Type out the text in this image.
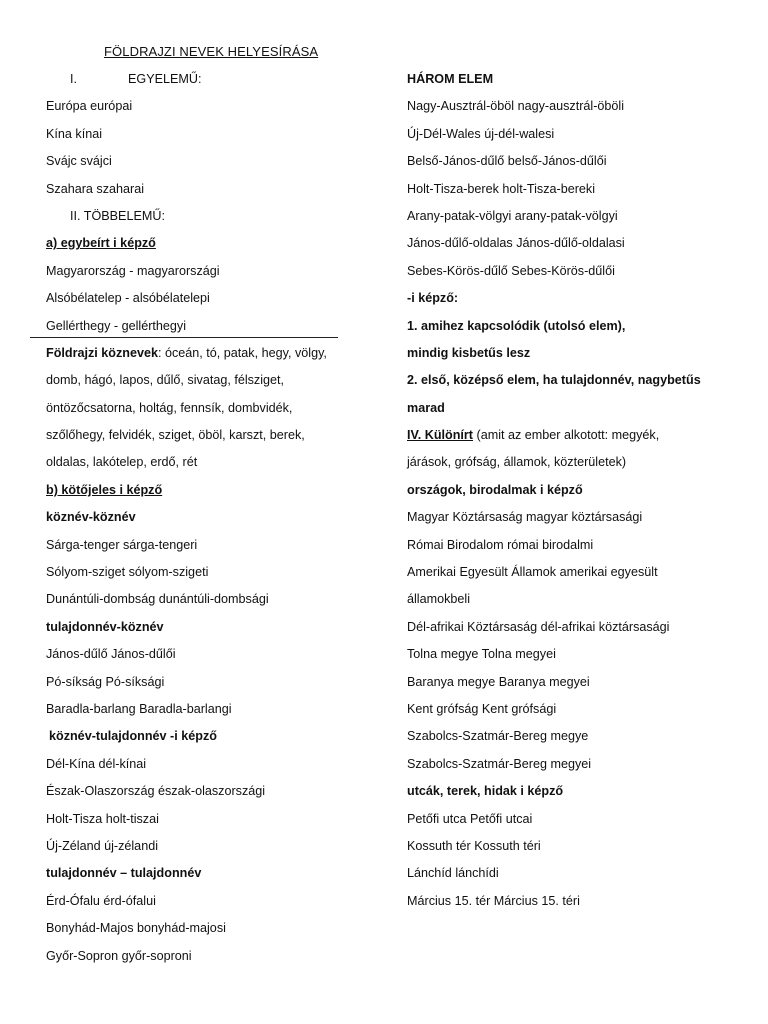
FÖLDRAJZI NEVEK HELYESÍRÁSA
I.	EGYELEMŰ:
Európa európai
Kína kínai
Svájc svájci
Szahara szaharai
II. TÖBBELEMŰ:
a) egybeírt i képző
Magyarország - magyarországi
Alsóbélatelep - alsóbélatelepi
Gellérthegy - gellérthegyi
Földrajzi köznevek: óceán, tó, patak, hegy, völgy,
domb, hágó, lapos, dűlő, sivatag, félsziget,
öntözőcsatorna, holtág, fennsík, dombvidék,
szőlőhegy, felvidék, sziget, öböl, karszt, berek,
oldalas, lakótelep, erdő, rét
b) kötőjeles i képző
köznév-köznév
Sárga-tenger sárga-tengeri
Sólyom-sziget sólyom-szigeti
Dunántúli-dombság dunántúli-dombsági
tulajdonnév-köznév
János-dűlő János-dűlői
Pó-síkság Pó-síksági
Baradla-barlang Baradla-barlangi
köznév-tulajdonnév -i képző
Dél-Kína dél-kínai
Észak-Olaszország észak-olaszországi
Holt-Tisza holt-tiszai
Új-Zéland új-zélandi
tulajdonnév – tulajdonnév
Érd-Ófalu érd-ófalui
Bonyhád-Majos bonyhád-majosi
Győr-Sopron győr-soproni
HÁROM ELEM
Nagy-Ausztrál-öböl nagy-ausztrál-öböli
Új-Dél-Wales új-dél-walesi
Belső-János-dűlő belső-János-dűlői
Holt-Tisza-berek holt-Tisza-bereki
Arany-patak-völgyi arany-patak-völgyi
János-dűlő-oldalas János-dűlő-oldalasi
Sebes-Körös-dűlő Sebes-Körös-dűlői
-i képző:
1. amihez kapcsolódik (utolsó elem),
mindig kisbetűs lesz
2. első, középső elem, ha tulajdonnév, nagybetűs
marad
IV. Különírt (amit az ember alkotott: megyék,
járások, grófság, államok, közterületek)
országok, birodalmak i képző
Magyar Köztársaság magyar köztársasági
Római Birodalom római birodalmi
Amerikai Egyesült Államok amerikai egyesült
államokbeli
Dél-afrikai Köztársaság dél-afrikai köztársasági
Tolna megye Tolna megyei
Baranya megye Baranya megyei
Kent grófság Kent grófsági
Szabolcs-Szatmár-Bereg megye
Szabolcs-Szatmár-Bereg megyei
utcák, terek, hidak i képző
Petőfi utca Petőfi utcai
Kossuth tér Kossuth téri
Lánchíd lánchídi
Március 15. tér Március 15. téri
